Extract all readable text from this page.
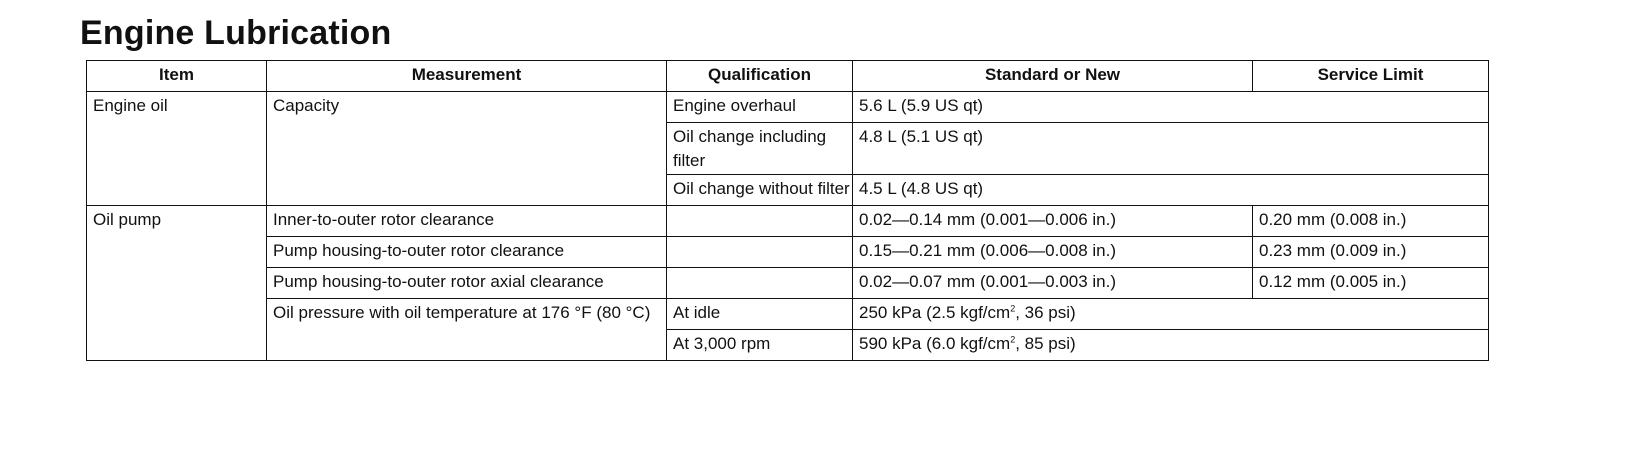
Engine Lubrication
Item	Measurement	Qualification	Standard or New	Service Limit
Engine oil	Capacity	Engine overhaul	5.6 L (5.9 US qt)	
		Oil change including filter	4.8 L (5.1 US qt)	
		Oil change without filter	4.5 L (4.8 US qt)	
Oil pump	Inner-to-outer rotor clearance		0.02—0.14 mm (0.001—0.006 in.)	0.20 mm (0.008 in.)
	Pump housing-to-outer rotor clearance		0.15—0.21 mm (0.006—0.008 in.)	0.23 mm (0.009 in.)
	Pump housing-to-outer rotor axial clearance		0.02—0.07 mm (0.001—0.003 in.)	0.12 mm (0.005 in.)
	Oil pressure with oil temperature at 176 °F (80 °C)	At idle	250 kPa (2.5 kgf/$cm^2$, 36 psi)	
		At 3,000 rpm	590 kPa (6.0 kgf/$cm^2$, 85 psi)	
